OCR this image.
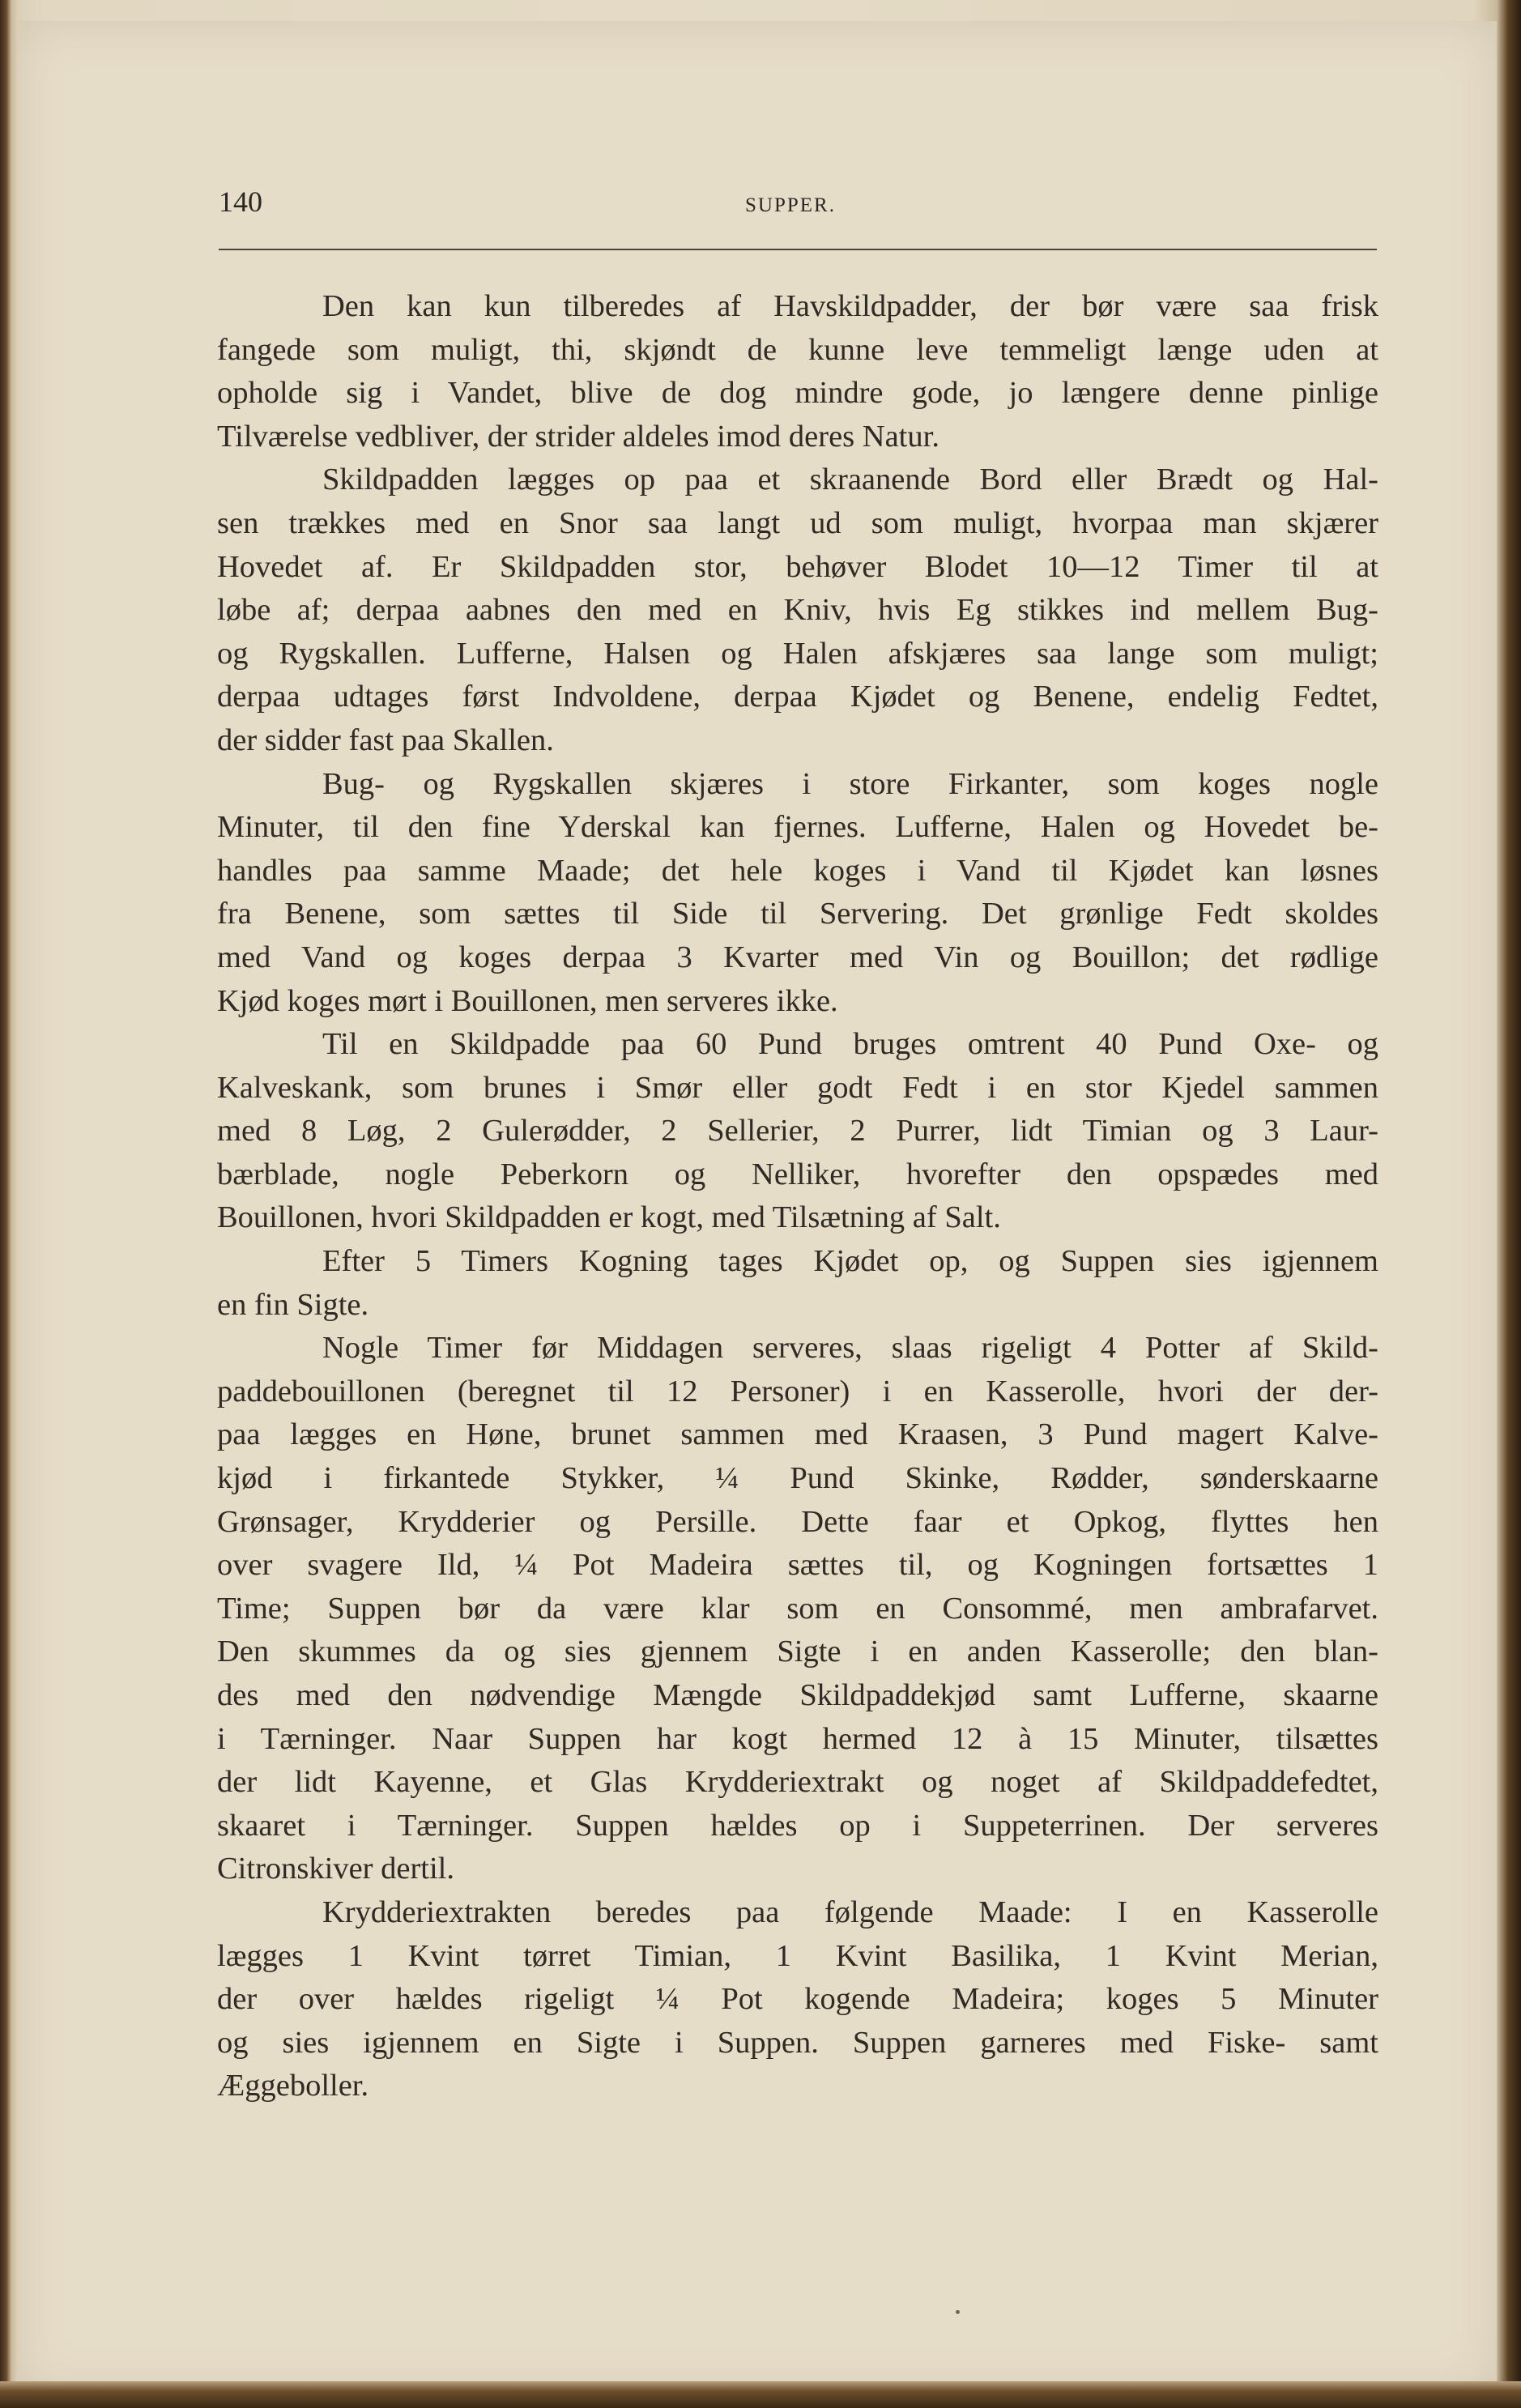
140	SUPPER.
Den kan kun tilberedes af Havskildpadder, der bør være saa frisk
fangede som muligt, thi, skjøndt de kunne leve temmeligt længe uden at
opholde sig i Vandet, blive de dog mindre gode, jo længere denne pinlige
Tilværelse vedbliver, der strider aldeles imod deres Natur.
Skildpadden lægges op paa et skraanende Bord eller Brædt og Hal-
sen trækkes med en Snor saa langt ud som muligt, hvorpaa man skjærer
Hovedet af. Er Skildpadden stor, behøver Blodet 10—12 Timer til at
løbe af; derpaa aabnes den med en Kniv, hvis Eg stikkes ind mellem Bug-
og Rygskallen. Lufferne, Halsen og Halen afskjæres saa lange som muligt;
derpaa udtages først Indvoldene, derpaa Kjødet og Benene, endelig Fedtet,
der sidder fast paa Skallen.
Bug- og Rygskallen skjæres i store Firkanter, som koges nogle
Minuter, til den fine Yderskal kan fjernes. Lufferne, Halen og Hovedet be-
handles paa samme Maade; det hele koges i Vand til Kjødet kan løsnes
fra Benene, som sættes til Side til Servering. Det grønlige Fedt skoldes
med Vand og koges derpaa 3 Kvarter med Vin og Bouillon; det rødlige
Kjød koges mørt i Bouillonen, men serveres ikke.
Til en Skildpadde paa 60 Pund bruges omtrent 40 Pund Oxe- og
Kalveskank, som brunes i Smør eller godt Fedt i en stor Kjedel sammen
med 8 Løg, 2 Gulerødder, 2 Sellerier, 2 Purrer, lidt Timian og 3 Laur-
bærblade, nogle Peberkorn og Nelliker, hvorefter den opspædes med
Bouillonen, hvori Skildpadden er kogt, med Tilsætning af Salt.
Efter 5 Timers Kogning tages Kjødet op, og Suppen sies igjennem
en fin Sigte.
Nogle Timer før Middagen serveres, slaas rigeligt 4 Potter af Skild-
paddebouillonen (beregnet til 12 Personer) i en Kasserolle, hvori der der-
paa lægges en Høne, brunet sammen med Kraasen, 3 Pund magert Kalve-
kjød i firkantede Stykker, ¼ Pund Skinke, Rødder, sønderskaarne
Grønsager, Krydderier og Persille. Dette faar et Opkog, flyttes hen
over svagere Ild, ¼ Pot Madeira sættes til, og Kogningen fortsættes 1
Time; Suppen bør da være klar som en Consommé, men ambrafarvet.
Den skummes da og sies gjennem Sigte i en anden Kasserolle; den blan-
des med den nødvendige Mængde Skildpaddekjød samt Lufferne, skaarne
i Tærninger. Naar Suppen har kogt hermed 12 à 15 Minuter, tilsættes
der lidt Kayenne, et Glas Krydderiextrakt og noget af Skildpaddefedtet,
skaaret i Tærninger. Suppen hældes op i Suppeterrinen. Der serveres
Citronskiver dertil.
Krydderiextrakten beredes paa følgende Maade: I en Kasserolle
lægges 1 Kvint tørret Timian, 1 Kvint Basilika, 1 Kvint Merian,
der over hældes rigeligt ¼ Pot kogende Madeira; koges 5 Minuter
og sies igjennem en Sigte i Suppen. Suppen garneres med Fiske- samt
Æggeboller.
